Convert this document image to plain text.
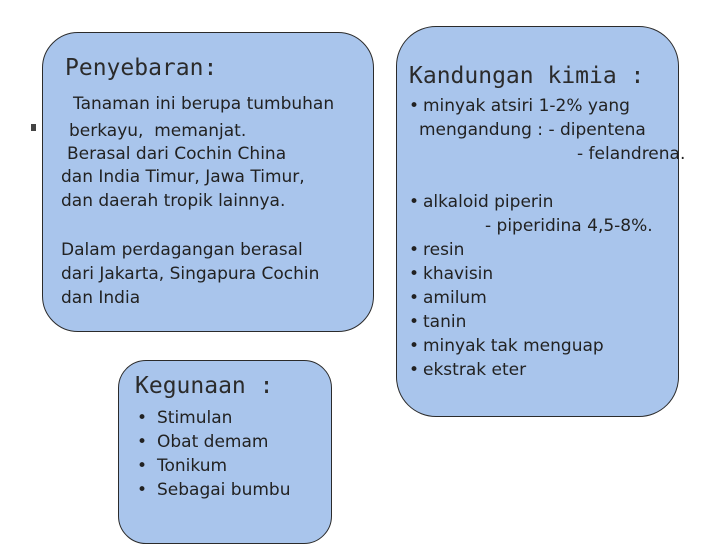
Penyebaran:
Tanaman ini berupa tumbuhan
berkayu,  memanjat.
Berasal dari Cochin China
dan India Timur, Jawa Timur,
dan daerah tropik lainnya.
Dalam perdagangan berasal
dari Jakarta, Singapura Cochin
dan India
Kegunaan :
• Stimulan
• Obat demam
• Tonikum
• Sebagai bumbu
Kandungan kimia :
• minyak atsiri 1-2% yang
mengandung : - dipentena
- felandrena.
• alkaloid piperin
- piperidina 4,5-8%.
• resin
• khavisin
• amilum
• tanin
• minyak tak menguap
• ekstrak eter
